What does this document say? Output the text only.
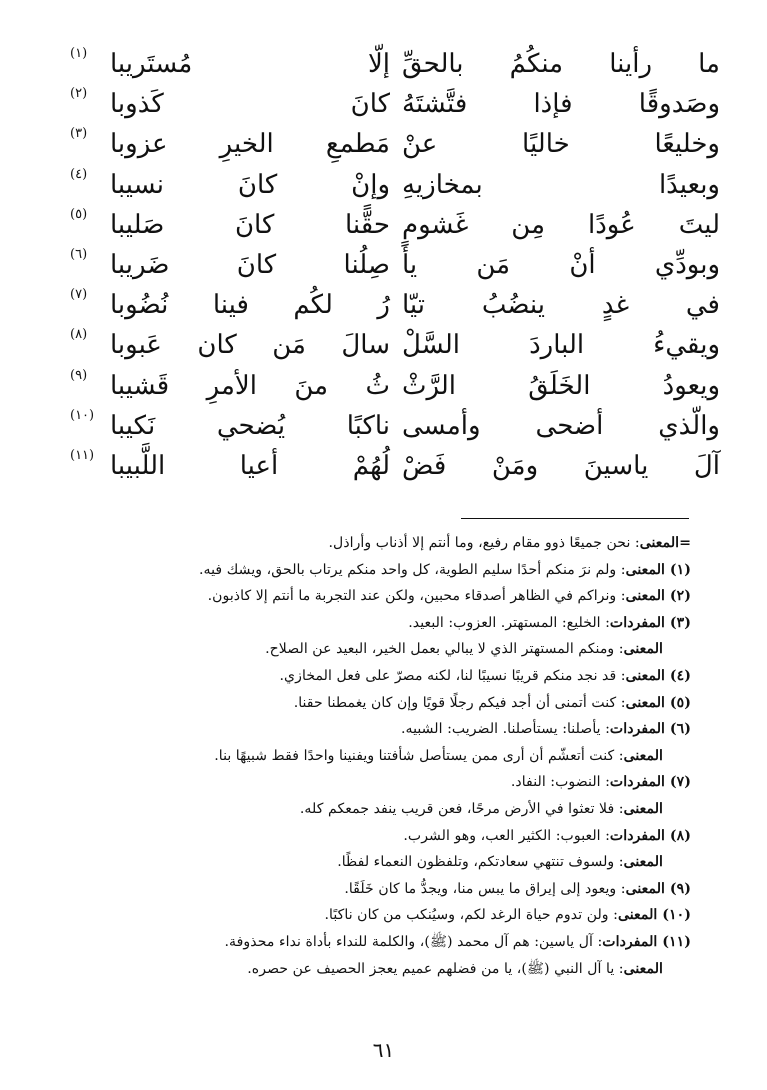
ما رأينا منكُمُ بالحقِّ
إلّا مُستَريبا
(١)
وصَدوقًا فإذا فتَّشتَهُ
كانَ كَذوبا
(٢)
وخليعًا خاليًا عنْ
مَطمعِ الخيرِ عزوبا
(٣)
وبعيدًا بمخازيهِ
وإنْ كانَ نسيبا
(٤)
ليتَ عُودًا مِن غَشومٍ
حقًّنا كانَ صَليبا
(٥)
وبودِّي أنْ مَن يأ
صِلُنا كانَ ضَريبا
(٦)
في غدٍ ينضُبُ تيّا
رُ لكُم فينا نُضُوبا
(٧)
ويقيءُ الباردَ السَّلْ
سالَ مَن كان عَبوبا
(٨)
ويعودُ الخَلَقُ الرَّثْ
ثُ منَ الأمرِ قَشيبا
(٩)
والّذي أضحى وأمسى
ناكبًا يُضحي نَكيبا
(١٠)
آلَ ياسينَ ومَنْ فَضْ
لُهُمْ أعيا اللَّبيبا
(١١)
=المعنى: نحن جميعًا ذوو مقام رفيع، وما أنتم إلا أذناب وأراذل.
(١) المعنى: ولم نرَ منكم أحدًا سليم الطوية، كل واحد منكم يرتاب بالحق، ويشك فيه.
(٢) المعنى: ونراكم في الظاهر أصدقاء محبين، ولكن عند التجربة ما أنتم إلا كاذبون.
(٣) المفردات: الخليع: المستهتر. العزوب: البعيد.
المعنى: ومنكم المستهتر الذي لا يبالي بعمل الخير، البعيد عن الصلاح.
(٤) المعنى: قد نجد منكم قريبًا نسيبًا لنا، لكنه مصرّ على فعل المخازي.
(٥) المعنى: كنت أتمنى أن أجد فيكم رجلًا قويًا وإن كان يغمطنا حقنا.
(٦) المفردات: يأصلنا: يستأصلنا. الضريب: الشبيه.
المعنى: كنت أتعشّم أن أرى ممن يستأصل شأفتنا ويفنينا واحدًا فقط شبيهًا بنا.
(٧) المفردات: النضوب: النفاد.
المعنى: فلا تعثوا في الأرض مرحًا، فعن قريب ينفد جمعكم كله.
(٨) المفردات: العبوب: الكثير العب، وهو الشرب.
المعنى: ولسوف تنتهي سعادتكم، وتلفظون النعماء لفظًا.
(٩) المعنى: ويعود إلى إيراق ما يبس منا، ويجدُّ ما كان خَلَقًا.
(١٠) المعنى: ولن تدوم حياة الرغد لكم، وسيُنكب من كان ناكبًا.
(١١) المفردات: آل ياسين: هم آل محمد (ﷺ)، والكلمة للنداء بأداة نداء محذوفة.
المعنى: يا آل النبي (ﷺ)، يا من فضلهم عميم يعجز الحصيف عن حصره.
٦١
